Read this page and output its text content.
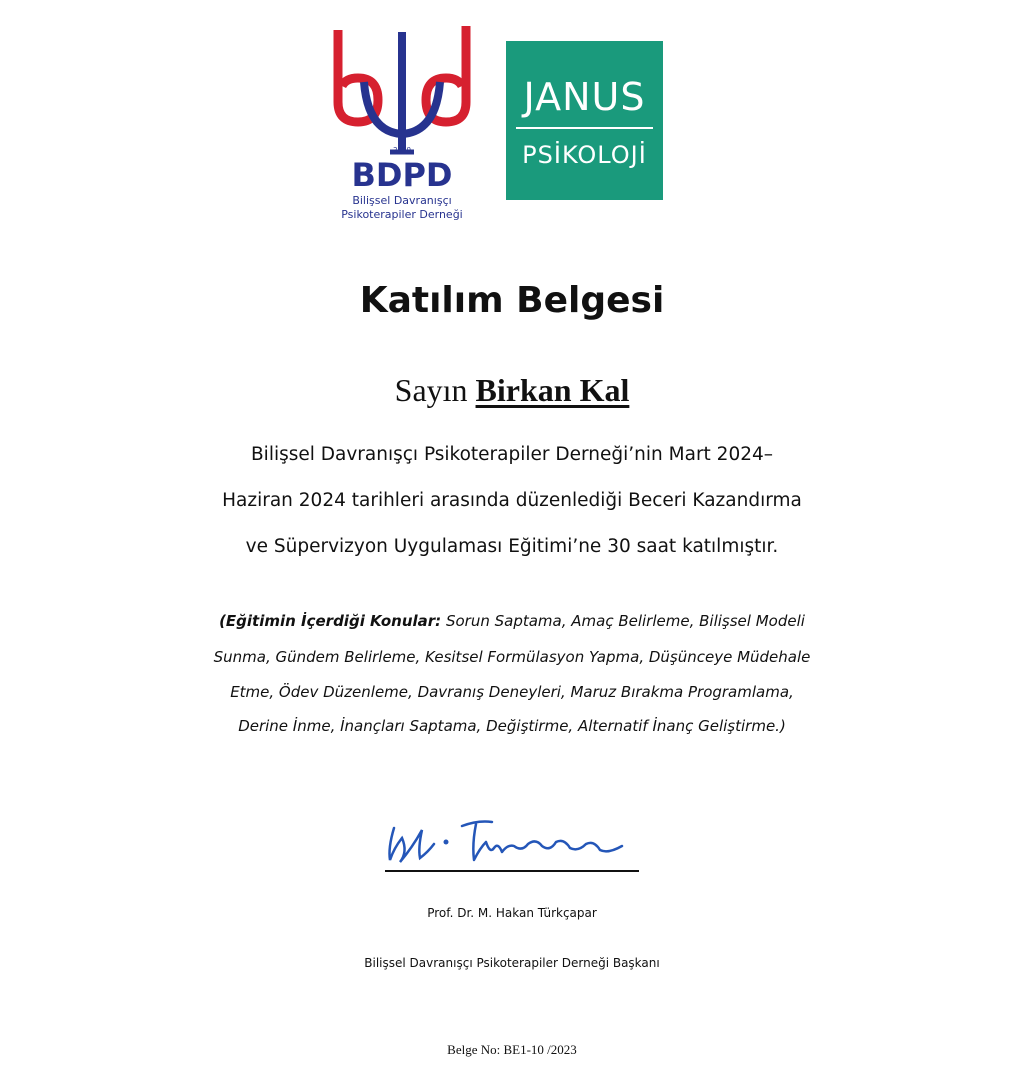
2010
BDPD
Bilişsel Davranışçı
Psikoterapiler Derneği
JANUS
PSİKOLOJİ
Katılım Belgesi
Sayın Birkan Kal
Bilişsel Davranışçı Psikoterapiler Derneği’nin Mart 2024–
Haziran 2024 tarihleri arasında düzenlediği Beceri Kazandırma
ve Süpervizyon Uygulaması Eğitimi’ne 30 saat katılmıştır.
(Eğitimin İçerdiği Konular: Sorun Saptama, Amaç Belirleme, Bilişsel Modeli
Sunma, Gündem Belirleme, Kesitsel Formülasyon Yapma, Düşünceye Müdehale
Etme, Ödev Düzenleme, Davranış Deneyleri, Maruz Bırakma Programlama,
Derine İnme, İnançları Saptama, Değiştirme, Alternatif İnanç Geliştirme.)
Prof. Dr. M. Hakan Türkçapar
Bilişsel Davranışçı Psikoterapiler Derneği Başkanı
Belge No: BE1-10 /2023
